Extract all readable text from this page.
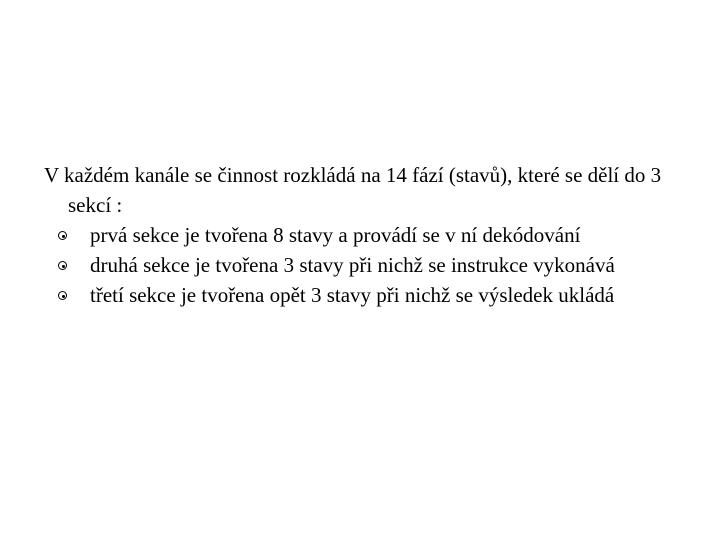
V každém kanále se činnost rozkládá na 14 fází (stavů), které se dělí do 3 sekcí :

prvá sekce je tvořena 8 stavy a provádí se v ní dekódování
druhá sekce je tvořena 3 stavy při nichž se instrukce vykonává
třetí sekce je tvořena opět 3 stavy při nichž se výsledek ukládá
